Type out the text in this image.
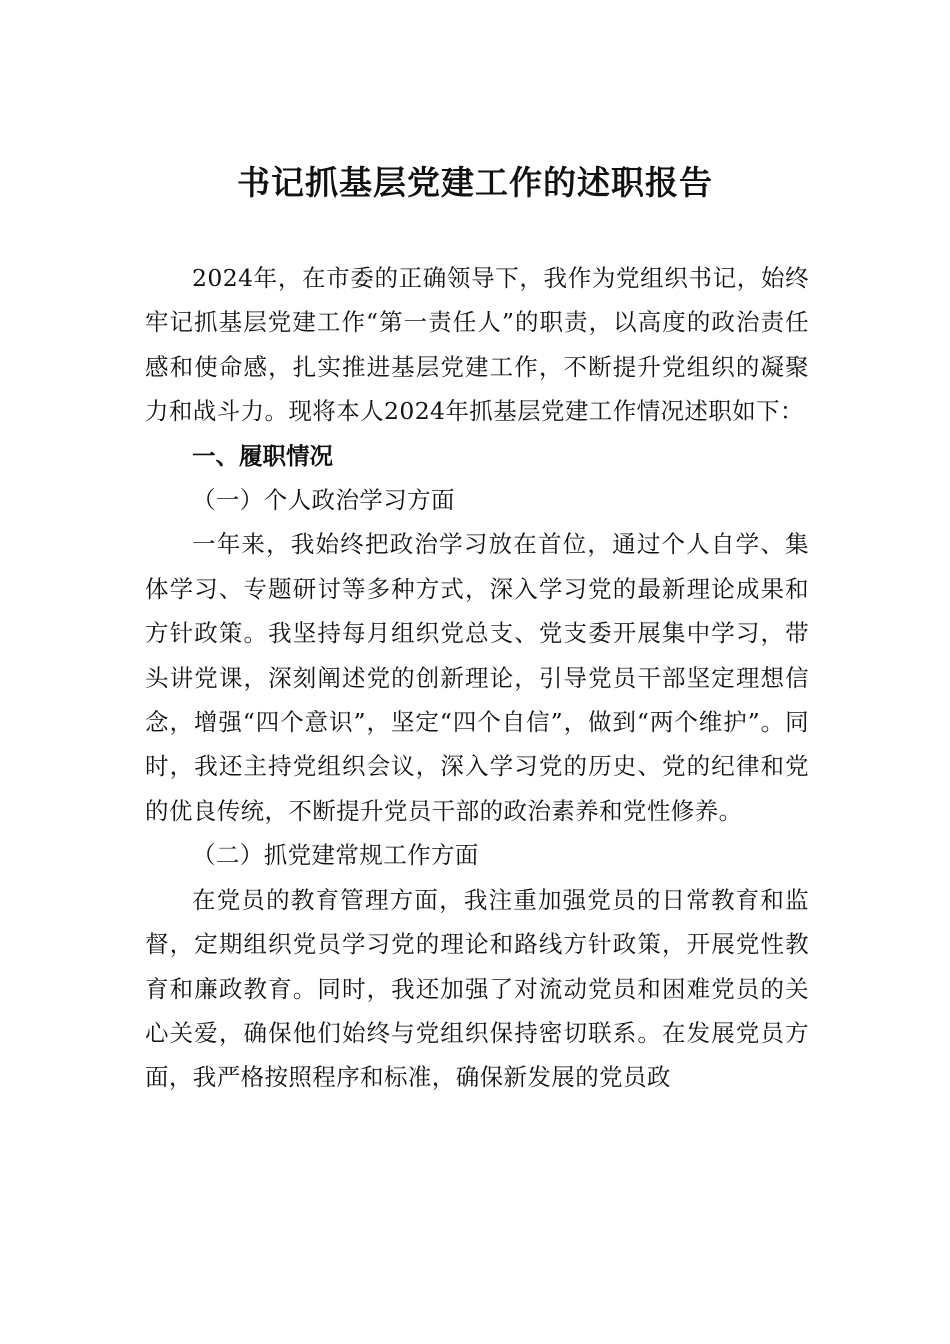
书记抓基层党建工作的述职报告

2024年，在市委的正确领导下，我作为党组织书记，始终牢记抓基层党建工作“第一责任人”的职责，以高度的政治责任感和使命感，扎实推进基层党建工作，不断提升党组织的凝聚力和战斗力。现将本人2024年抓基层党建工作情况述职如下：

一、履职情况

（一）个人政治学习方面

一年来，我始终把政治学习放在首位，通过个人自学、集体学习、专题研讨等多种方式，深入学习党的最新理论成果和方针政策。我坚持每月组织党总支、党支委开展集中学习，带头讲党课，深刻阐述党的创新理论，引导党员干部坚定理想信念，增强“四个意识”，坚定“四个自信”，做到“两个维护”。同时，我还主持党组织会议，深入学习党的历史、党的纪律和党的优良传统，不断提升党员干部的政治素养和党性修养。

（二）抓党建常规工作方面

在党员的教育管理方面，我注重加强党员的日常教育和监督，定期组织党员学习党的理论和路线方针政策，开展党性教育和廉政教育。同时，我还加强了对流动党员和困难党员的关心关爱，确保他们始终与党组织保持密切联系。在发展党员方面，我严格按照程序和标准，确保新发展的党员政
